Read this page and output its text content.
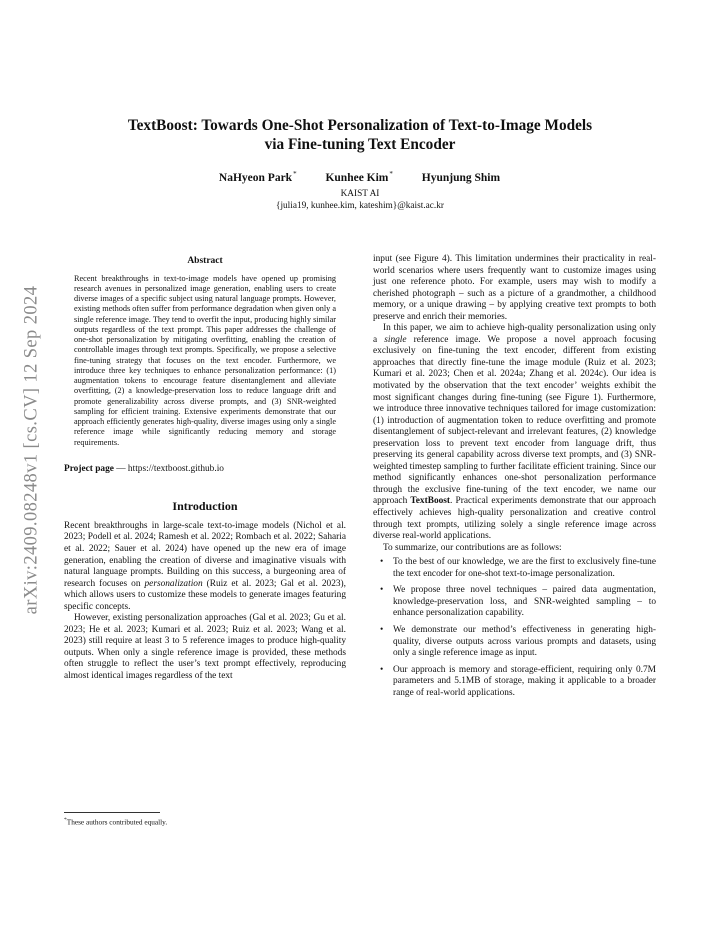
arXiv:2409.08248v1 [cs.CV] 12 Sep 2024
TextBoost: Towards One-Shot Personalization of Text-to-Image Models
via Fine-tuning Text Encoder
NaHyeon Park*	Kunhee Kim*	Hyunjung Shim
KAIST AI
{julia19, kunhee.kim, kateshim}@kaist.ac.kr
Abstract

Recent breakthroughs in text-to-image models have opened up promising research avenues in personalized image generation, enabling users to create diverse images of a specific subject using natural language prompts. However, existing methods often suffer from performance degradation when given only a single reference image. They tend to overfit the input, producing highly similar outputs regardless of the text prompt. This paper addresses the challenge of one-shot personalization by mitigating overfitting, enabling the creation of controllable images through text prompts. Specifically, we propose a selective fine-tuning strategy that focuses on the text encoder. Furthermore, we introduce three key techniques to enhance personalization performance: (1) augmentation tokens to encourage feature disentanglement and alleviate overfitting, (2) a knowledge-preservation loss to reduce language drift and promote generalizability across diverse prompts, and (3) SNR-weighted sampling for efficient training. Extensive experiments demonstrate that our approach efficiently generates high-quality, diverse images using only a single reference image while significantly reducing memory and storage requirements.

Project page — https://textboost.github.io
Introduction

Recent breakthroughs in large-scale text-to-image models (Nichol et al. 2023; Podell et al. 2024; Ramesh et al. 2022; Rombach et al. 2022; Saharia et al. 2022; Sauer et al. 2024) have opened up the new era of image generation, enabling the creation of diverse and imaginative visuals with natural language prompts. Building on this success, a burgeoning area of research focuses on personalization (Ruiz et al. 2023; Gal et al. 2023), which allows users to customize these models to generate images featuring specific concepts.

However, existing personalization approaches (Gal et al. 2023; Gu et al. 2023; He et al. 2023; Kumari et al. 2023; Ruiz et al. 2023; Wang et al. 2023) still require at least 3 to 5 reference images to produce high-quality outputs. When only a single reference image is provided, these methods often struggle to reflect the user’s text prompt effectively, reproducing almost identical images regardless of the text

input (see Figure 4). This limitation undermines their practicality in real-world scenarios where users frequently want to customize images using just one reference photo. For example, users may wish to modify a cherished photograph – such as a picture of a grandmother, a childhood memory, or a unique drawing – by applying creative text prompts to both preserve and enrich their memories.

In this paper, we aim to achieve high-quality personalization using only a single reference image. We propose a novel approach focusing exclusively on fine-tuning the text encoder, different from existing approaches that directly fine-tune the image module (Ruiz et al. 2023; Kumari et al. 2023; Chen et al. 2024a; Zhang et al. 2024c). Our idea is motivated by the observation that the text encoder’ weights exhibit the most significant changes during fine-tuning (see Figure 1). Furthermore, we introduce three innovative techniques tailored for image customization: (1) introduction of augmentation token to reduce overfitting and promote disentanglement of subject-relevant and irrelevant features, (2) knowledge preservation loss to prevent text encoder from language drift, thus preserving its general capability across diverse text prompts, and (3) SNR-weighted timestep sampling to further facilitate efficient training. Since our method significantly enhances one-shot personalization performance through the exclusive fine-tuning of the text encoder, we name our approach TextBoost. Practical experiments demonstrate that our approach effectively achieves high-quality personalization and creative control through text prompts, utilizing solely a single reference image across diverse real-world applications.

To summarize, our contributions are as follows:

• To the best of our knowledge, we are the first to exclusively fine-tune the text encoder for one-shot text-to-image personalization.
• We propose three novel techniques – paired data augmentation, knowledge-preservation loss, and SNR-weighted sampling – to enhance personalization capability.
• We demonstrate our method’s effectiveness in generating high-quality, diverse outputs across various prompts and datasets, using only a single reference image as input.
• Our approach is memory and storage-efficient, requiring only 0.7M parameters and 5.1MB of storage, making it applicable to a broader range of real-world applications.
*These authors contributed equally.
